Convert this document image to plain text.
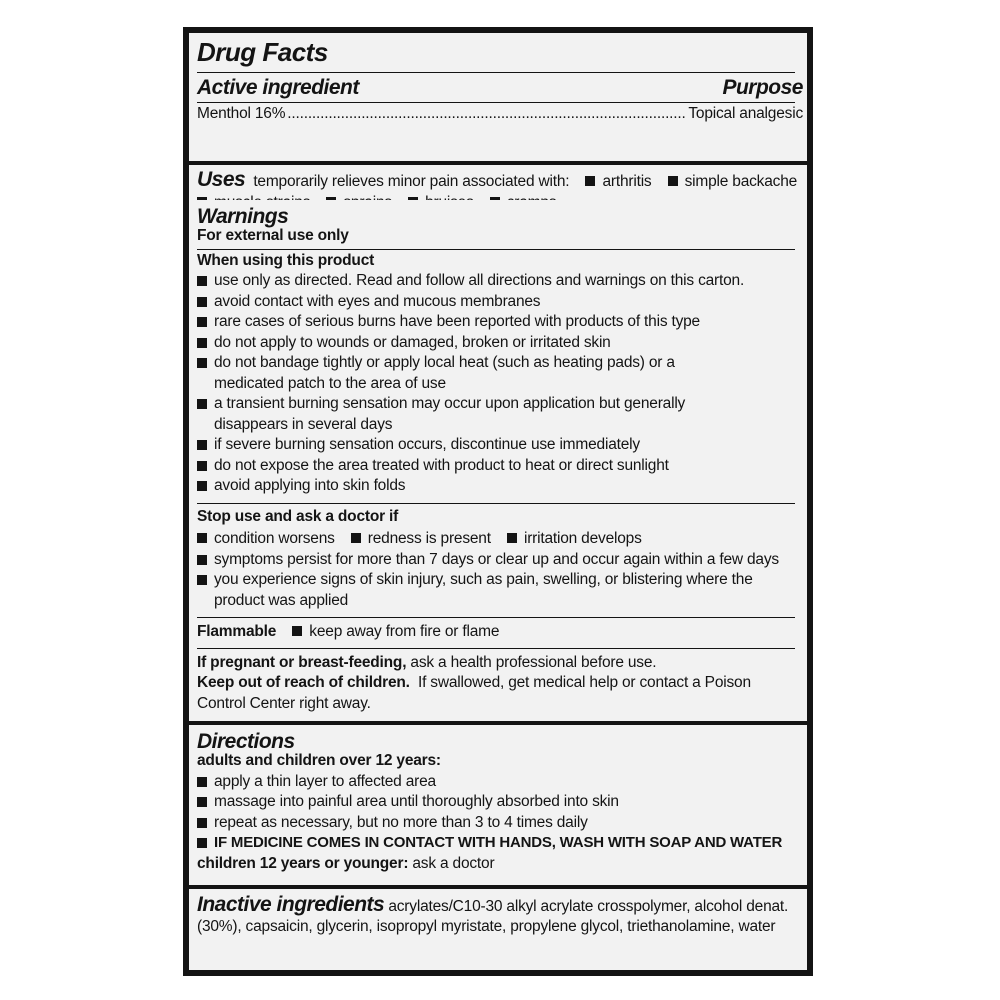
Drug Facts
Active ingredient	Purpose
Menthol 16%
.....	Topical analgesic
Uses temporarily relieves minor pain associated with: arthritis simple backache

Warnings
For external use only
When using this product
use only as directed. Read and follow all directions and warnings on this carton.
avoid contact with eyes and mucous membranes
rare cases of serious burns have been reported with products of this type
do not apply to wounds or damaged, broken or irritated skin
do not bandage tightly or apply local heat (such as heating pads) or a medicated patch to the area of use
a transient burning sensation may occur upon application but generally disappears in several days
if severe burning sensation occurs, discontinue use immediately
do not expose the area treated with product to heat or direct sunlight
avoid applying into skin folds
Stop use and ask a doctor if
condition worsens redness is present irritation develops
symptoms persist for more than 7 days or clear up and occur again within a few days
you experience signs of skin injury, such as pain, swelling, or blistering where the product was applied
Flammable keep away from fire or flame
If pregnant or breast-feeding, ask a health professional before use.
Keep out of reach of children.  If swallowed, get medical help or contact a Poison Control Center right away.
Directions
adults and children over 12 years:
apply a thin layer to affected area
massage into painful area until thoroughly absorbed into skin
repeat as necessary, but no more than 3 to 4 times daily
IF MEDICINE COMES IN CONTACT WITH HANDS, WASH WITH SOAP AND WATER
children 12 years or younger: ask a doctor
Inactive ingredients acrylates/C10-30 alkyl acrylate crosspolymer, alcohol denat. (30%), capsaicin, glycerin, isopropyl myristate, propylene glycol, triethanolamine, water
